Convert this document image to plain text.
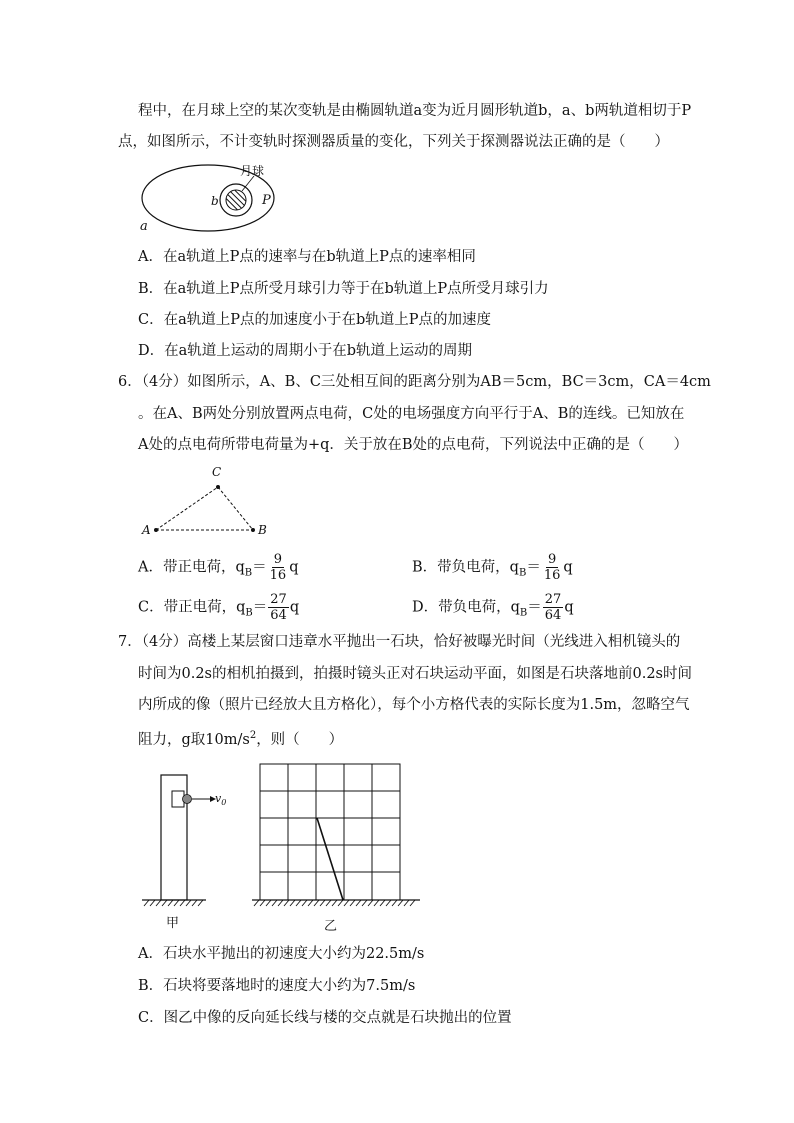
程中，在月球上空的某次变轨是由椭圆轨道a变为近月圆形轨道b，a、b两轨道相切于P
点，如图所示，不计变轨时探测器质量的变化，下列关于探测器说法正确的是（　　）
月球
b	P
a
A．在a轨道上P点的速率与在b轨道上P点的速率相同
B．在a轨道上P点所受月球引力等于在b轨道上P点所受月球引力
C．在a轨道上P点的加速度小于在b轨道上P点的加速度
D．在a轨道上运动的周期小于在b轨道上运动的周期
6．（4分）如图所示，A、B、C三处相互间的距离分别为AB＝5cm，BC＝3cm，CA＝4cm
。在A、B两处分别放置两点电荷，C处的电场强度方向平行于A、B的连线。已知放在
A处的点电荷所带电荷量为+q．关于放在B处的点电荷，下列说法中正确的是（　　）
A
C
B
A．带正电荷，$q_B= \frac{9}{16}$ q	B．带负电荷，$q_B= \frac{9}{16}$ q
C．带正电荷，$q_B= \frac{27}{64}$ q	D．带负电荷，$q_B= \frac{27}{64}$ q
7．（4分）高楼上某层窗口违章水平抛出一石块，恰好被曝光时间（光线进入相机镜头的
时间为0.2s的相机拍摄到，拍摄时镜头正对石块运动平面，如图是石块落地前0.2s时间
内所成的像（照片已经放大且方格化），每个小方格代表的实际长度为1.5m，忽略空气
阻力，g取$10m/s^2$，则（　　）
$v_0$
甲	乙
A．石块水平抛出的初速度大小约为22.5m/s
B．石块将要落地时的速度大小约为7.5m/s
C．图乙中像的反向延长线与楼的交点就是石块抛出的位置
